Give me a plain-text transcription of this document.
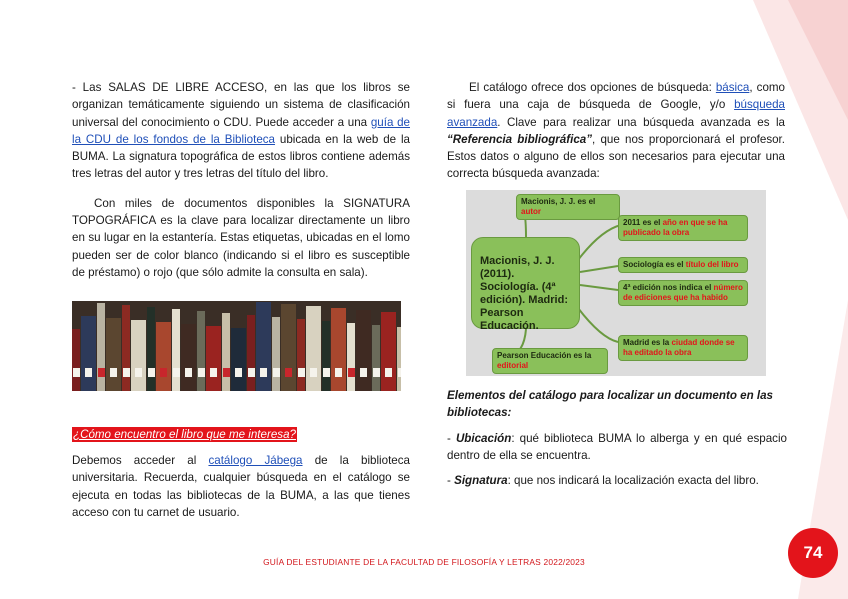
- Las SALAS DE LIBRE ACCESO, en las que los libros se organizan temáticamente siguiendo un sistema de clasificación universal del conocimiento o CDU. Puede acceder a una guía de la CDU de los fondos de la Biblioteca ubicada en la web de la BUMA. La signatura topográfica de estos libros contiene además tres letras del autor y tres letras del título del libro.

Con miles de documentos disponibles la SIGNATURA TOPOGRÁFICA es la clave para localizar directamente un libro en su lugar en la estantería. Estas etiquetas, ubicadas en el lomo pueden ser de color blanco (indicando si el libro es susceptible de préstamo) o rojo (que sólo admite la consulta en sala).

¿Cómo encuentro el libro que me interesa?

Debemos acceder al catálogo Jábega de la biblioteca universitaria. Recuerda, cualquier búsqueda en el catálogo se ejecuta en todas las bibliotecas de la BUMA, a las que tienes acceso con tu carnet de usuario.

El catálogo ofrece dos opciones de búsqueda: básica, como si fuera una caja de búsqueda de Google, y/o búsqueda avanzada. Clave para realizar una búsqueda avanzada es la “Referencia bibliográfica”, que nos proporcionará el profesor. Estos datos o alguno de ellos son necesarios para ejecutar una correcta búsqueda avanzada:

Macionis, J. J. (2011). Sociología. (4ª edición). Madrid: Pearson Educación.
Macionis, J. J. es el autor
2011 es el año en que se ha publicado la obra
Sociología es el título del libro
4ª edición nos indica el número de ediciones que ha habido
Madrid es la ciudad donde se ha editado la obra
Pearson Educación es la editorial
Elementos del catálogo para localizar un documento en las bibliotecas:
- Ubicación: qué biblioteca BUMA lo alberga y en qué espacio dentro de ella se encuentra.
- Signatura: que nos indicará la localización exacta del libro.
GUÍA DEL ESTUDIANTE DE LA FACULTAD DE FILOSOFÍA Y LETRAS 2022/2023	74
